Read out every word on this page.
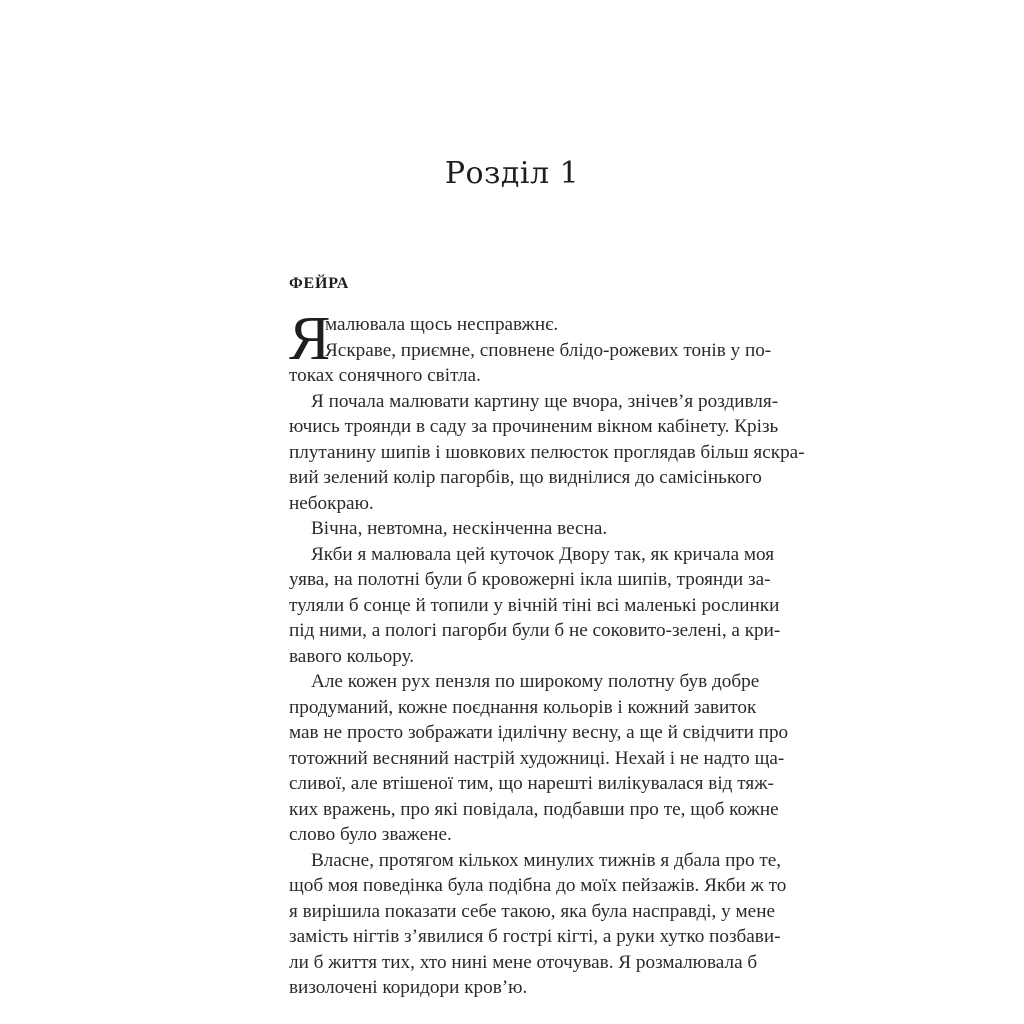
Розділ 1
ФЕЙРА
Я
малювала щось несправжнє.
Яскраве, приємне, сповнене блідо-рожевих тонів у по-
токах сонячного світла.
Я почала малювати картину ще вчора, знічев’я роздивля-
ючись троянди в саду за прочиненим вікном кабінету. Крізь
плутанину шипів і шовкових пелюсток проглядав більш яскра-
вий зелений колір пагорбів, що виднілися до самісінького
небокраю.
Вічна, невтомна, нескінченна весна.
Якби я малювала цей куточок Двору так, як кричала моя
уява, на полотні були б кровожерні ікла шипів, троянди за-
туляли б сонце й топили у вічній тіні всі маленькі рослинки
під ними, а пологі пагорби були б не соковито-зелені, а кри-
вавого кольору.
Але кожен рух пензля по широкому полотну був добре
продуманий, кожне поєднання кольорів і кожний завиток
мав не просто зображати ідилічну весну, а ще й свідчити про
тотожний весняний настрій художниці. Нехай і не надто ща-
сливої, але втішеної тим, що нарешті вилікувалася від тяж-
ких вражень, про які повідала, подбавши про те, щоб кожне
слово було зважене.
Власне, протягом кількох минулих тижнів я дбала про те,
щоб моя поведінка була подібна до моїх пейзажів. Якби ж то
я вирішила показати себе такою, яка була насправді, у мене
замість нігтів з’явилися б гострі кігті, а руки хутко позбави-
ли б життя тих, хто нині мене оточував. Я розмалювала б
визолочені коридори кров’ю.
